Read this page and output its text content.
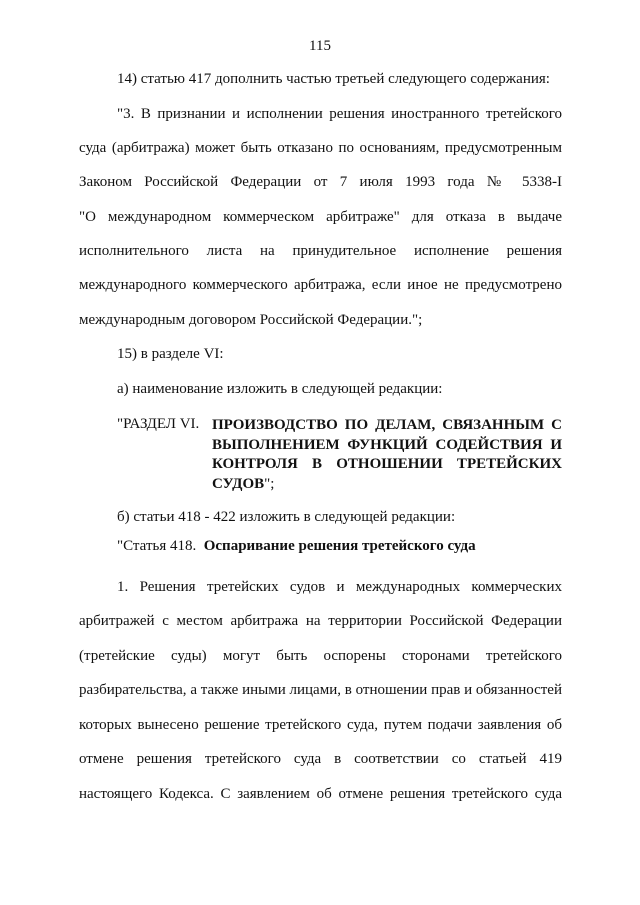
115

14) статью 417 дополнить частью третьей следующего содержания:

"3. В признании и исполнении решения иностранного третейского

суда (арбитража) может быть отказано по основаниям, предусмотренным

Законом Российской Федерации от 7 июля 1993 года № 5338-I

"О международном коммерческом арбитраже" для отказа в выдаче

исполнительного листа на принудительное исполнение решения

международного коммерческого арбитража, если иное не предусмотрено

международным договором Российской Федерации.";

15) в разделе VI:

а) наименование изложить в следующей редакции:

"РАЗДЕЛ VI. ПРОИЗВОДСТВО ПО ДЕЛАМ, СВЯЗАННЫМ С
ВЫПОЛНЕНИЕМ ФУНКЦИЙ СОДЕЙСТВИЯ И
КОНТРОЛЯ В ОТНОШЕНИИ ТРЕТЕЙСКИХ
СУДОВ";

б) статьи 418 - 422 изложить в следующей редакции:

"Статья 418. Оспаривание решения третейского суда

1. Решения третейских судов и международных коммерческих

арбитражей с местом арбитража на территории Российской Федерации

(третейские суды) могут быть оспорены сторонами третейского

разбирательства, а также иными лицами, в отношении прав и обязанностей

которых вынесено решение третейского суда, путем подачи заявления об

отмене решения третейского суда в соответствии со статьей 419

настоящего Кодекса. С заявлением об отмене решения третейского суда
